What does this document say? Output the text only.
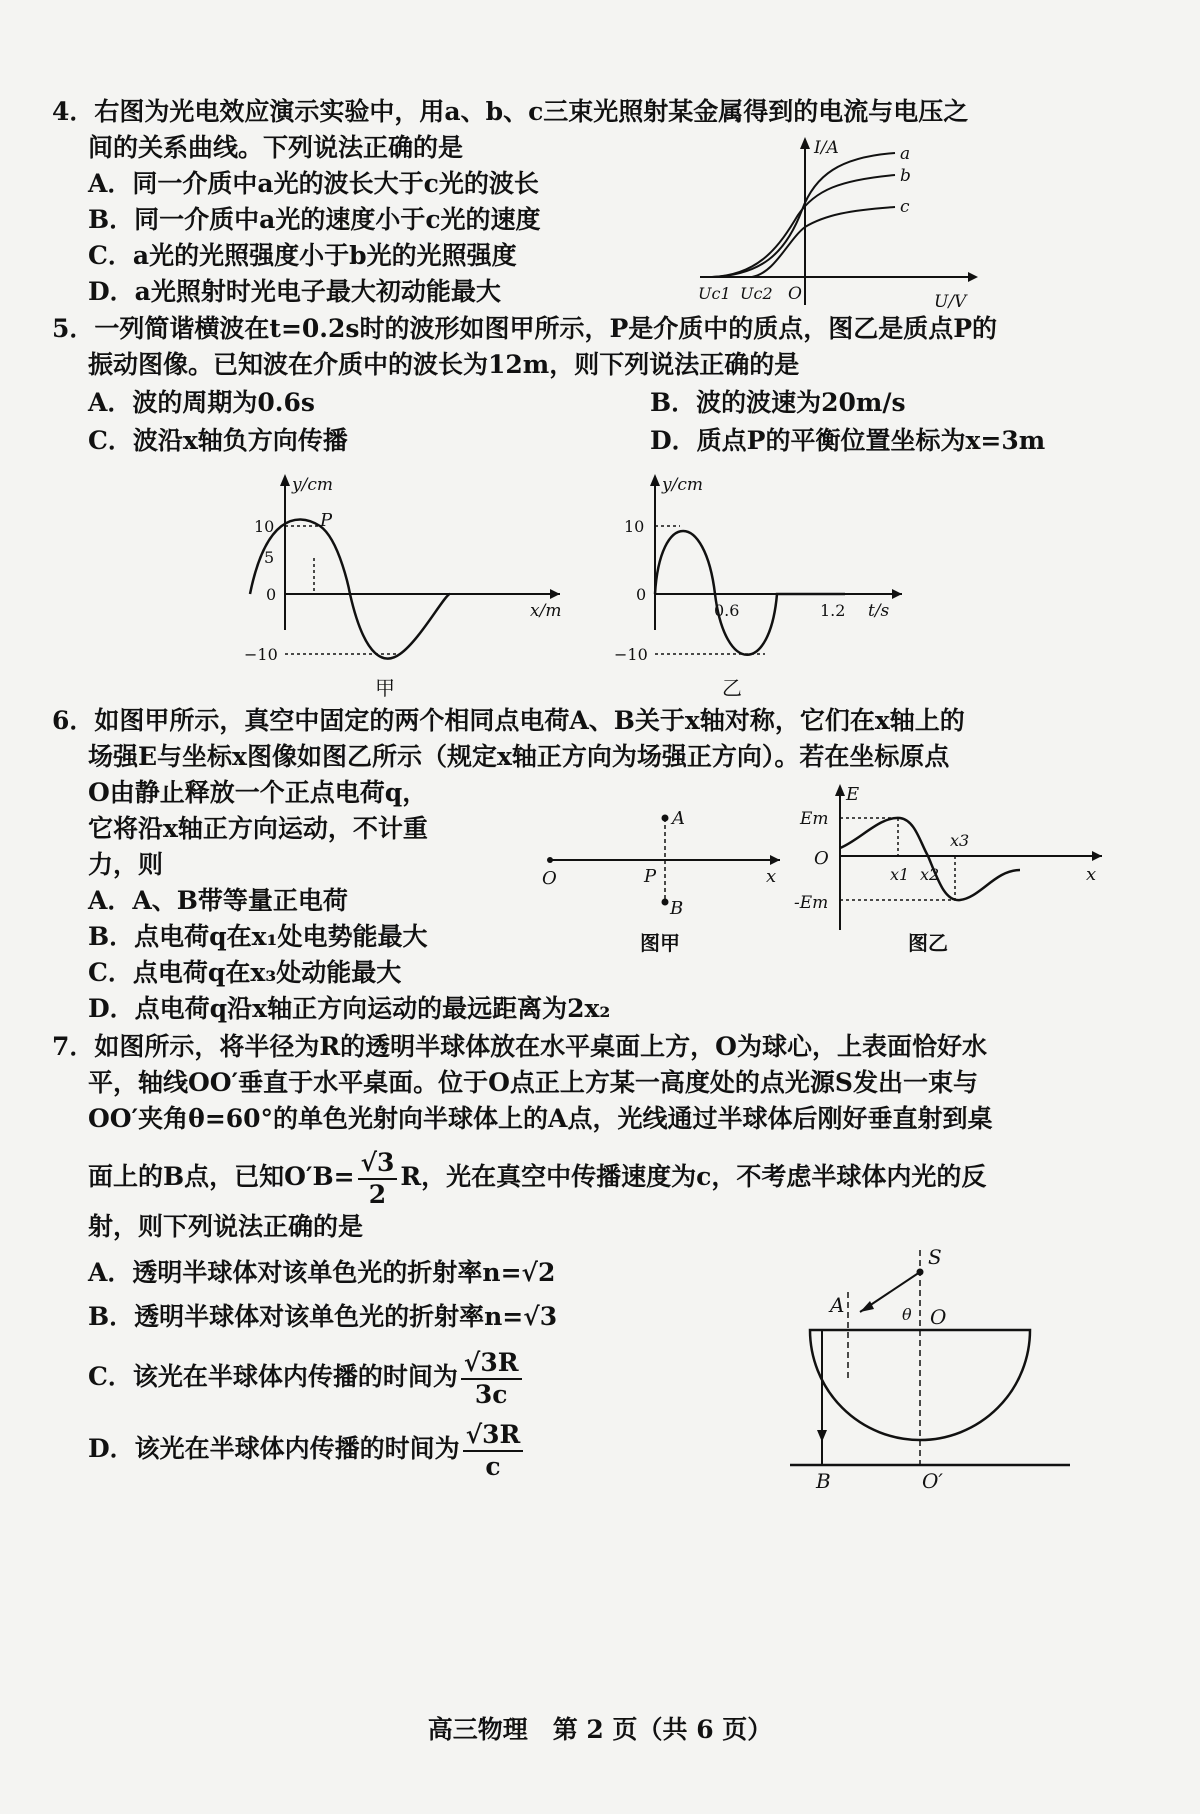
4．右图为光电效应演示实验中，用a、b、c三束光照射某金属得到的电流与电压之
间的关系曲线。下列说法正确的是
A．同一介质中a光的波长大于c光的波长
B．同一介质中a光的速度小于c光的速度
C．a光的光照强度小于b光的光照强度
D．a光照射时光电子最大初动能最大
I/A
U/V
Uc1 Uc2 O
a
b
c
5．一列简谐横波在t=0.2s时的波形如图甲所示，P是介质中的质点，图乙是质点P的
振动图像。已知波在介质中的波长为12m，则下列说法正确的是
A．波的周期为0.6s	B．波的波速为20m/s
C．波沿x轴负方向传播	D．质点P的平衡位置坐标为x=3m
y/cm
x/m
10
5
0
−10
P
甲
y/cm
t/s
10
0
−10
0.6	1.2
乙
6．如图甲所示，真空中固定的两个相同点电荷A、B关于x轴对称，它们在x轴上的
场强E与坐标x图像如图乙所示（规定x轴正方向为场强正方向）。若在坐标原点
O由静止释放一个正点电荷q，
它将沿x轴正方向运动，不计重
力，则
A．A、B带等量正电荷
B．点电荷q在x₁处电势能最大
C．点电荷q在x₃处动能最大
D．点电荷q沿x轴正方向运动的最远距离为2x₂
A
B
P
O	x
图甲
E
Em
-Em
O
x
x1 x2
x3
图乙
7．如图所示，将半径为R的透明半球体放在水平桌面上方，O为球心，上表面恰好水
平，轴线OO′垂直于水平桌面。位于O点正上方某一高度处的点光源S发出一束与
OO′夹角θ=60°的单色光射向半球体上的A点，光线通过半球体后刚好垂直射到桌
面上的B点，已知$O'B= \frac{√3}{2}$ R，光在真空中传播速度为c，不考虑半球体内光的反
射，则下列说法正确的是
A．透明半球体对该单色光的折射率n=√2
B．透明半球体对该单色光的折射率n=√3
C．该光在半球体内传播的时间为 $\frac{√3R}{3c}$
D．该光在半球体内传播的时间为 $\frac{√3R}{c}$
S
A	θ O
B	O′
高三物理　第 2 页（共 6 页）
